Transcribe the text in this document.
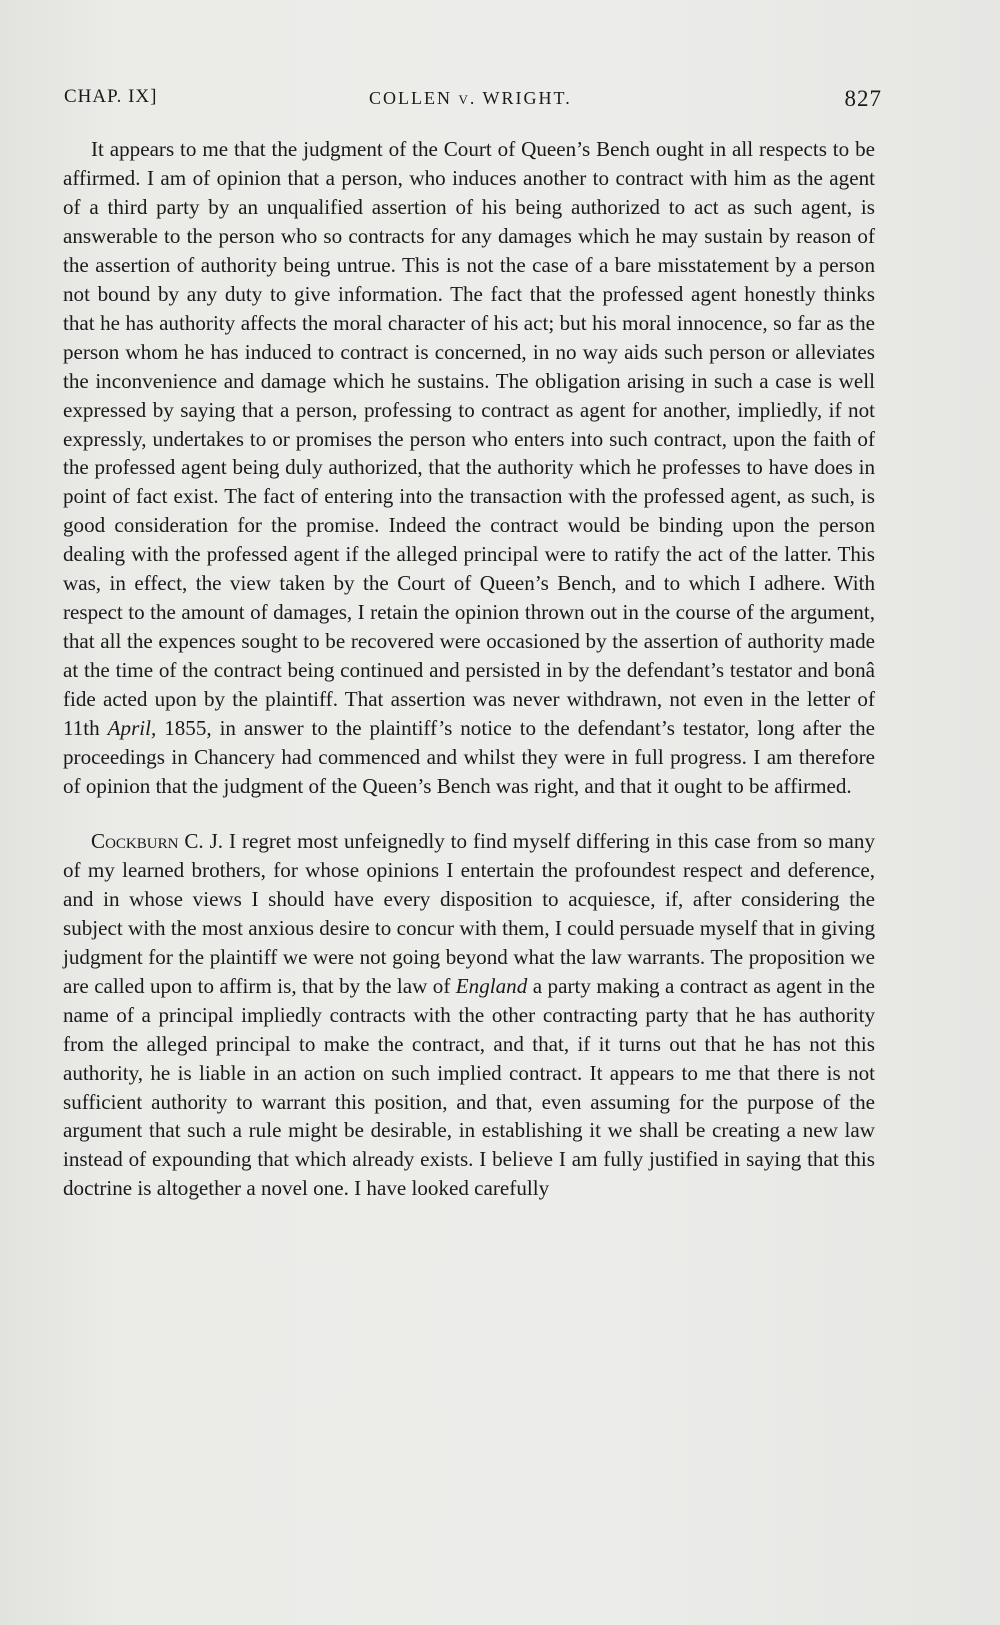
CHAP. IX]	COLLEN v. WRIGHT.	827

It appears to me that the judgment of the Court of Queen’s Bench ought in all respects to be affirmed. I am of opinion that a person, who induces another to contract with him as the agent of a third party by an unqualified assertion of his being authorized to act as such agent, is answerable to the person who so contracts for any damages which he may sustain by reason of the assertion of authority being untrue. This is not the case of a bare misstatement by a person not bound by any duty to give information. The fact that the professed agent honestly thinks that he has authority affects the moral character of his act; but his moral innocence, so far as the person whom he has induced to contract is concerned, in no way aids such person or alleviates the inconvenience and damage which he sustains. The obligation arising in such a case is well expressed by saying that a person, professing to contract as agent for another, impliedly, if not expressly, undertakes to or promises the person who enters into such contract, upon the faith of the professed agent being duly authorized, that the authority which he professes to have does in point of fact exist. The fact of entering into the transaction with the professed agent, as such, is good consideration for the promise. Indeed the contract would be binding upon the person dealing with the professed agent if the alleged principal were to ratify the act of the latter. This was, in effect, the view taken by the Court of Queen’s Bench, and to which I adhere. With respect to the amount of damages, I retain the opinion thrown out in the course of the argument, that all the expences sought to be recovered were occasioned by the assertion of authority made at the time of the contract being continued and persisted in by the defendant’s testator and bonâ fide acted upon by the plaintiff. That assertion was never withdrawn, not even in the letter of 11th April, 1855, in answer to the plaintiff’s notice to the defendant’s testator, long after the proceedings in Chancery had commenced and whilst they were in full progress. I am therefore of opinion that the judgment of the Queen’s Bench was right, and that it ought to be affirmed.

Cockburn C. J. I regret most unfeignedly to find myself differing in this case from so many of my learned brothers, for whose opinions I entertain the profoundest respect and deference, and in whose views I should have every disposition to acquiesce, if, after considering the subject with the most anxious desire to concur with them, I could persuade myself that in giving judgment for the plaintiff we were not going beyond what the law warrants. The proposition we are called upon to affirm is, that by the law of England a party making a contract as agent in the name of a principal impliedly contracts with the other contracting party that he has authority from the alleged principal to make the contract, and that, if it turns out that he has not this authority, he is liable in an action on such implied contract. It appears to me that there is not sufficient authority to warrant this position, and that, even assuming for the purpose of the argument that such a rule might be desirable, in establishing it we shall be creating a new law instead of expounding that which already exists. I believe I am fully justified in saying that this doctrine is altogether a novel one. I have looked carefully
